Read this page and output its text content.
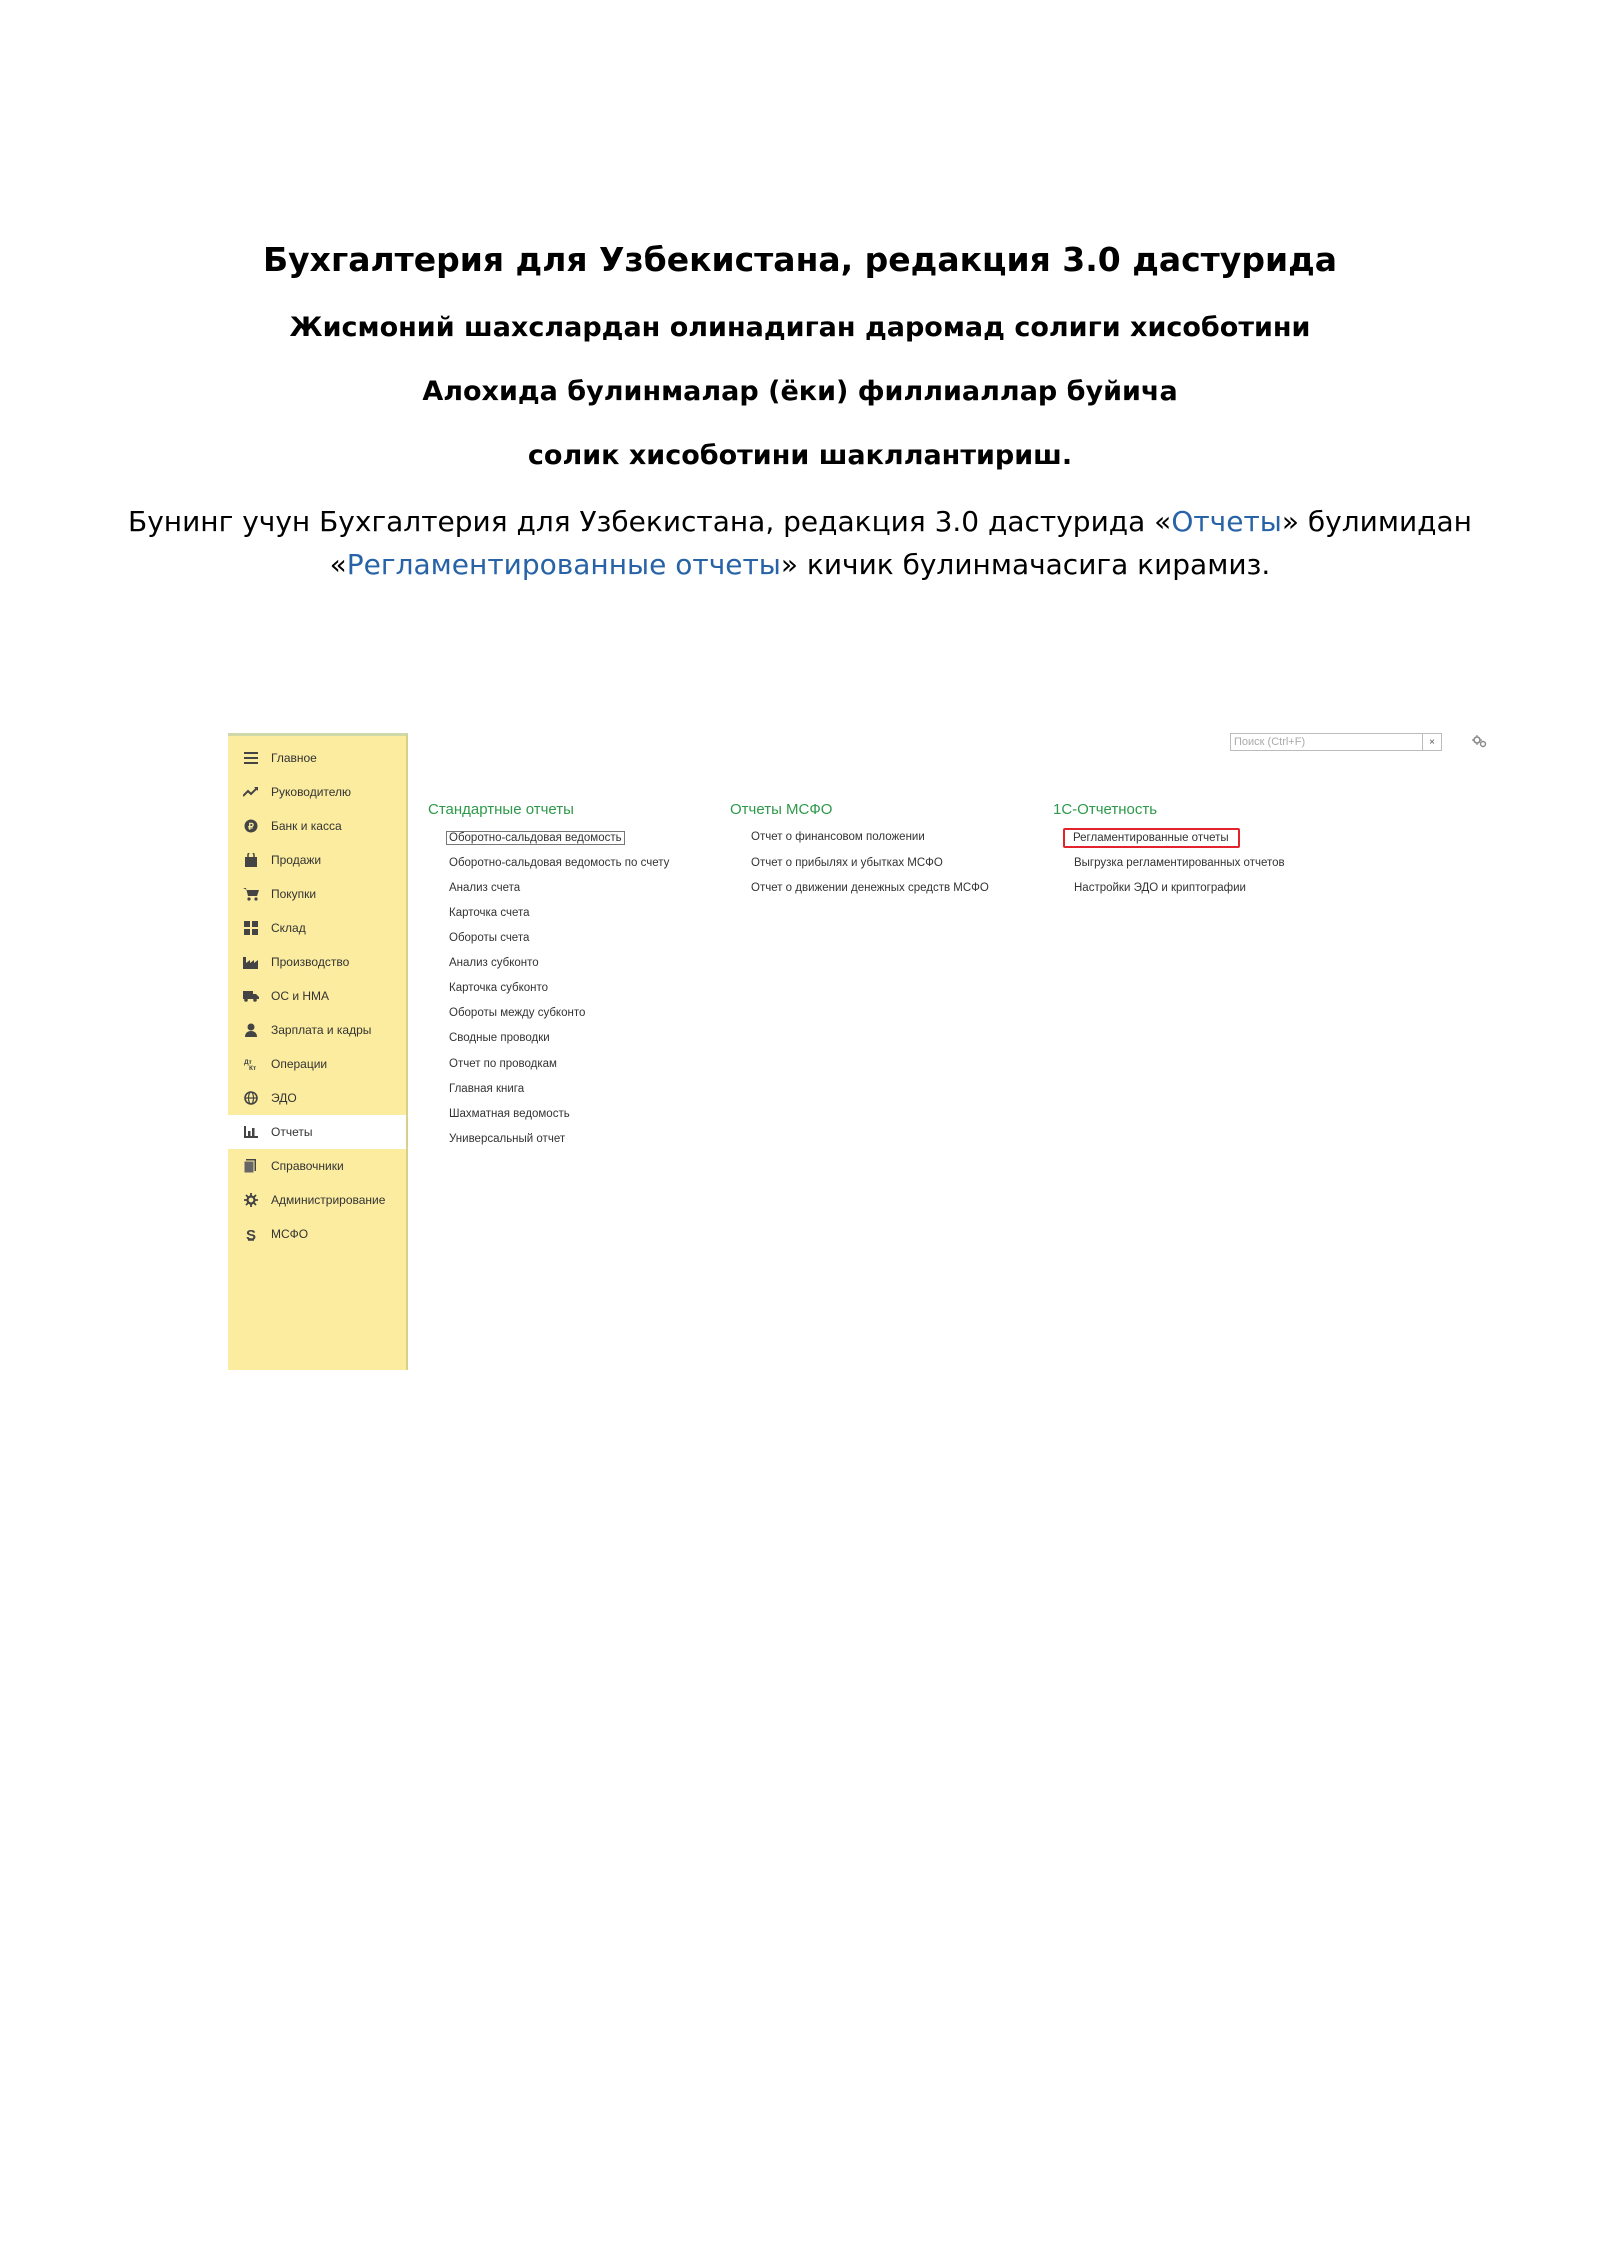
Бухгалтерия для Узбекистана, редакция 3.0 дастурида
Жисмоний шахслардан олинадиган даромад солиги хисоботини
Алохида булинмалар (ёки) филлиаллар буйича
солик хисоботини шакллантириш.
Бунинг учун Бухгалтерия для Узбекистана, редакция 3.0 дастурида «Отчеты» булимидан
«Регламентированные отчеты» кичик булинмачасига кирамиз.
Поиск (Ctrl+F)	×
Главное
Руководителю
₽ Банк и касса
Продажи
Покупки
Склад
Производство
ОС и НМА
Зарплата и кадры
Дт
Кт Операции
ЭДО
Отчеты
Справочники
Администрирование
S МСФО
Стандартные отчеты
Оборотно-сальдовая ведомость
Оборотно-сальдовая ведомость по счету
Анализ счета
Карточка счета
Обороты счета
Анализ субконто
Карточка субконто
Обороты между субконто
Сводные проводки
Отчет по проводкам
Главная книга
Шахматная ведомость
Универсальный отчет
Отчеты МСФО
Отчет о финансовом положении
Отчет о прибылях и убытках МСФО
Отчет о движении денежных средств МСФО
1С-Отчетность
Регламентированные отчеты
Выгрузка регламентированных отчетов
Настройки ЭДО и криптографии
